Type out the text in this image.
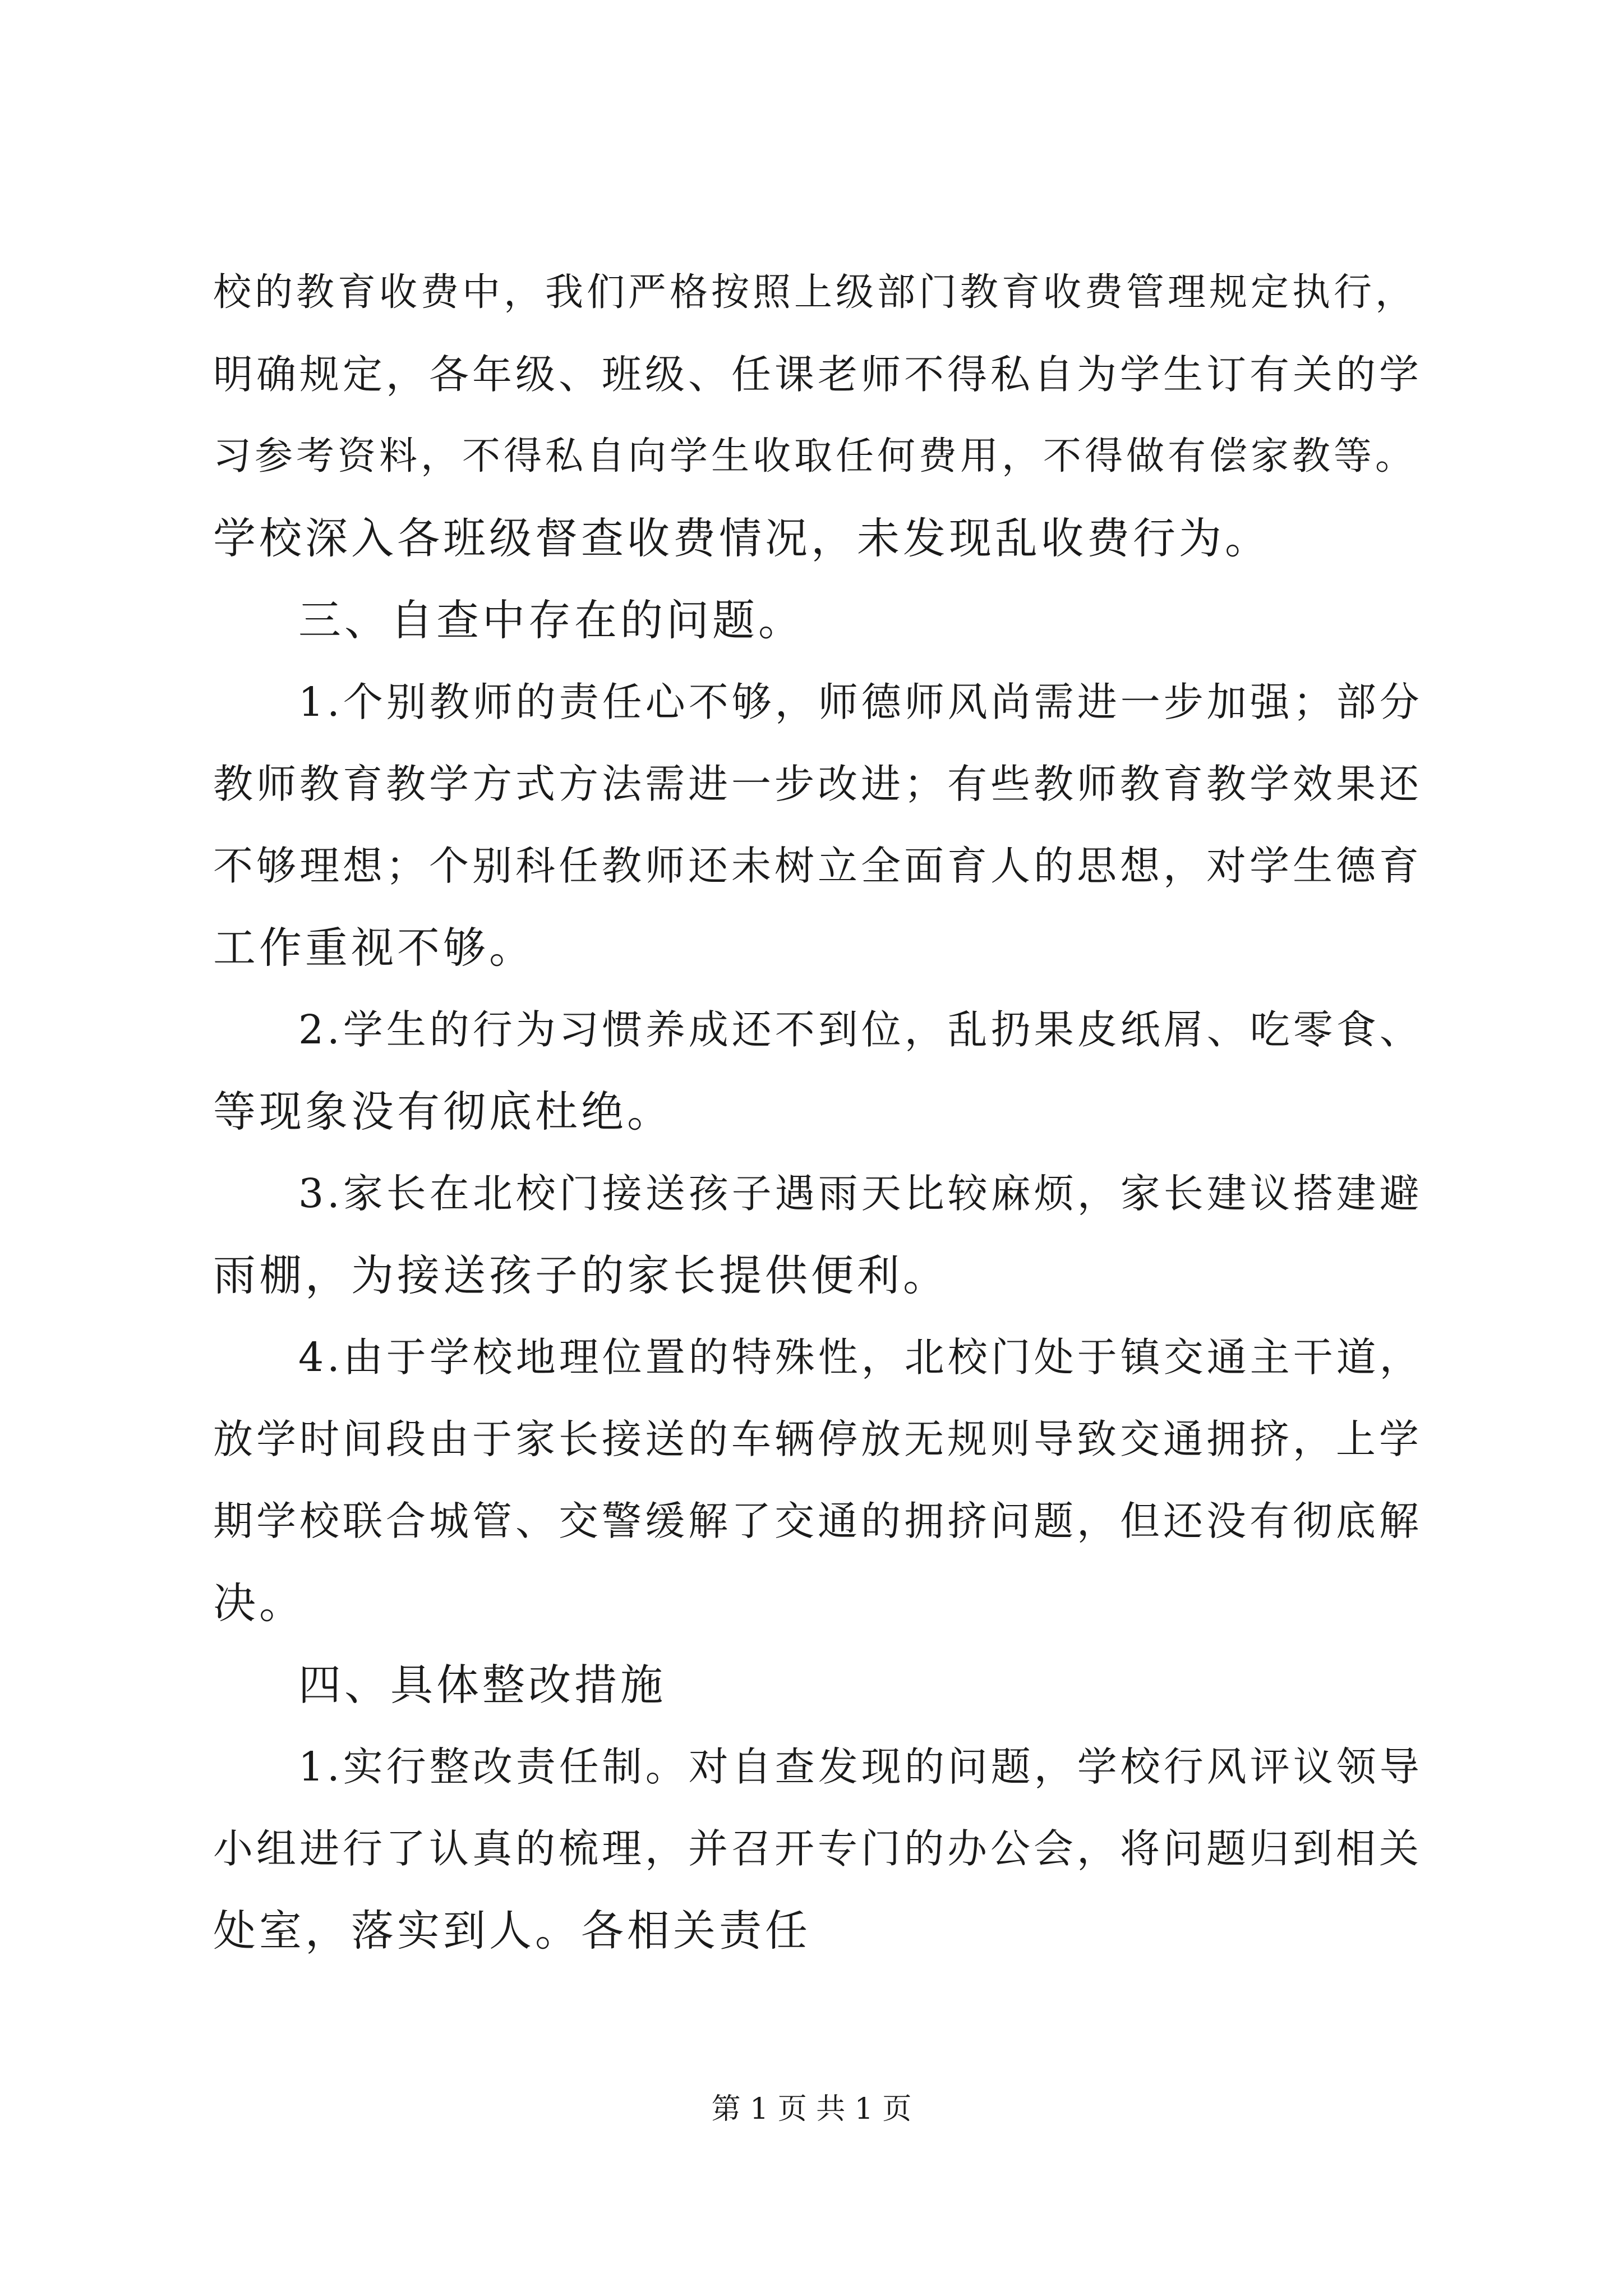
校的教育收费中，我们严格按照上级部门教育收费管理规定执行，
明确规定，各年级、班级、任课老师不得私自为学生订有关的学
习参考资料，不得私自向学生收取任何费用，不得做有偿家教等。
学校深入各班级督查收费情况，未发现乱收费行为。
三、自查中存在的问题。
1.个别教师的责任心不够，师德师风尚需进一步加强；部分
教师教育教学方式方法需进一步改进；有些教师教育教学效果还
不够理想；个别科任教师还未树立全面育人的思想，对学生德育
工作重视不够。
2.学生的行为习惯养成还不到位，乱扔果皮纸屑、吃零食、
等现象没有彻底杜绝。
3.家长在北校门接送孩子遇雨天比较麻烦，家长建议搭建避
雨棚，为接送孩子的家长提供便利。
4.由于学校地理位置的特殊性，北校门处于镇交通主干道，
放学时间段由于家长接送的车辆停放无规则导致交通拥挤，上学
期学校联合城管、交警缓解了交通的拥挤问题，但还没有彻底解
决。
四、具体整改措施
1.实行整改责任制。对自查发现的问题，学校行风评议领导
小组进行了认真的梳理，并召开专门的办公会，将问题归到相关
处室，落实到人。各相关责任
第 1 页 共 1 页
